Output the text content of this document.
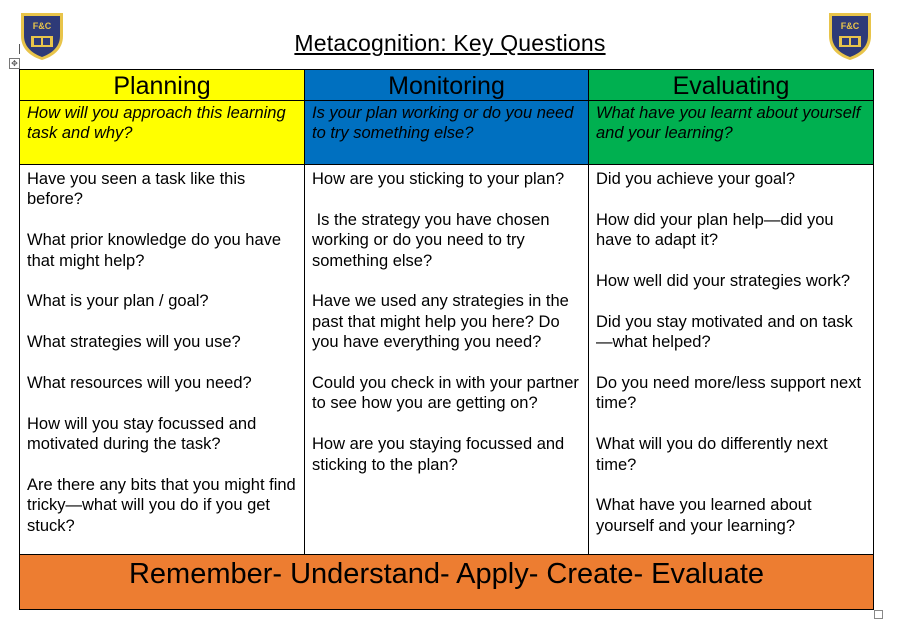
F&C	F&C
✥
Metacognition: Key Questions
Planning
How will you approach this learning task and why?

Have you seen a task like this before?

What prior knowledge do you have that might help?

What is your plan / goal?

What strategies will you use?

What resources will you need?

How will you stay focussed and motivated during the task?

Are there any bits that you might find tricky—what will you do if you get stuck?

Monitoring
Is your plan working or do you need to try something else?

How are you sticking to your plan?

Is the strategy you have chosen working or do you need to try something else?

Have we used any strategies in the past that might help you here? Do you have everything you need?

Could you check in with your partner to see how you are getting on?

How are you staying focussed and sticking to the plan?

Evaluating
What have you learnt about yourself and your learning?

Did you achieve your goal?

How did your plan help—did you have to adapt it?

How well did your strategies work?

Did you stay motivated and on task—what helped?

Do you need more/less support next time?

What will you do differently next time?

What have you learned about yourself and your learning?

Remember- Understand- Apply- Create- Evaluate
